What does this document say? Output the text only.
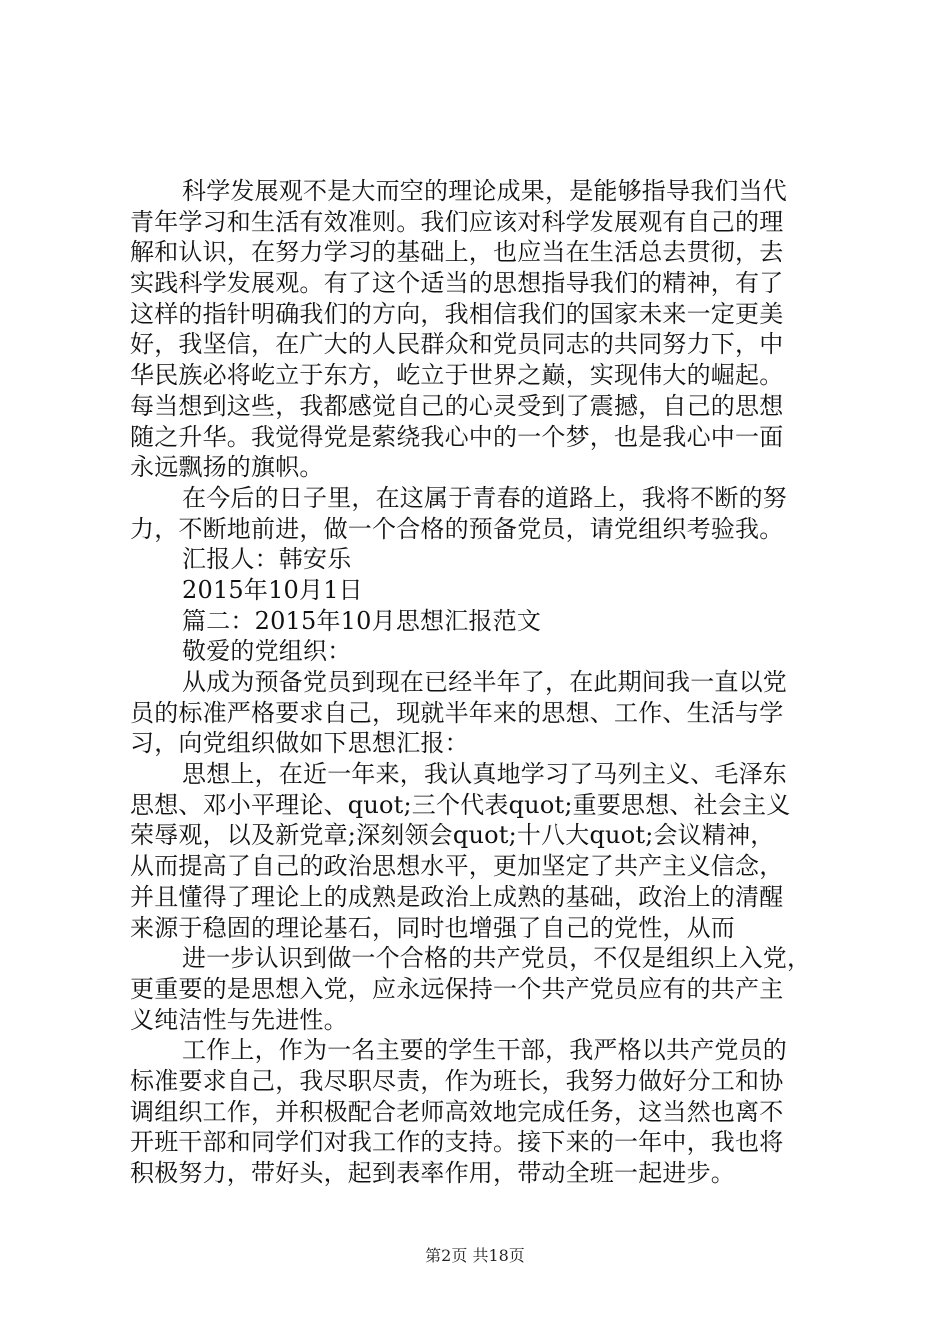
科学发展观不是大而空的理论成果，是能够指导我们当代
青年学习和生活有效准则。我们应该对科学发展观有自己的理
解和认识，在努力学习的基础上，也应当在生活总去贯彻，去
实践科学发展观。有了这个适当的思想指导我们的精神，有了
这样的指针明确我们的方向，我相信我们的国家未来一定更美
好，我坚信，在广大的人民群众和党员同志的共同努力下，中
华民族必将屹立于东方，屹立于世界之巅，实现伟大的崛起。
每当想到这些，我都感觉自己的心灵受到了震撼，自己的思想
随之升华。我觉得党是萦绕我心中的一个梦，也是我心中一面
永远飘扬的旗帜。
在今后的日子里，在这属于青春的道路上，我将不断的努
力，不断地前进，做一个合格的预备党员，请党组织考验我。
汇报人：韩安乐
2015年10月1日
篇二：2015年10月思想汇报范文
敬爱的党组织：
从成为预备党员到现在已经半年了，在此期间我一直以党
员的标准严格要求自己，现就半年来的思想、工作、生活与学
习，向党组织做如下思想汇报：
思想上，在近一年来，我认真地学习了马列主义、毛泽东
思想、邓小平理论、quot;三个代表quot;重要思想、社会主义
荣辱观，以及新党章;深刻领会quot;十八大quot;会议精神，
从而提高了自己的政治思想水平，更加坚定了共产主义信念，
并且懂得了理论上的成熟是政治上成熟的基础，政治上的清醒
来源于稳固的理论基石，同时也增强了自己的党性，从而
进一步认识到做一个合格的共产党员，不仅是组织上入党，
更重要的是思想入党，应永远保持一个共产党员应有的共产主
义纯洁性与先进性。
工作上，作为一名主要的学生干部，我严格以共产党员的
标准要求自己，我尽职尽责，作为班长，我努力做好分工和协
调组织工作，并积极配合老师高效地完成任务，这当然也离不
开班干部和同学们对我工作的支持。接下来的一年中，我也将
积极努力，带好头，起到表率作用，带动全班一起进步。
第2页 共18页
